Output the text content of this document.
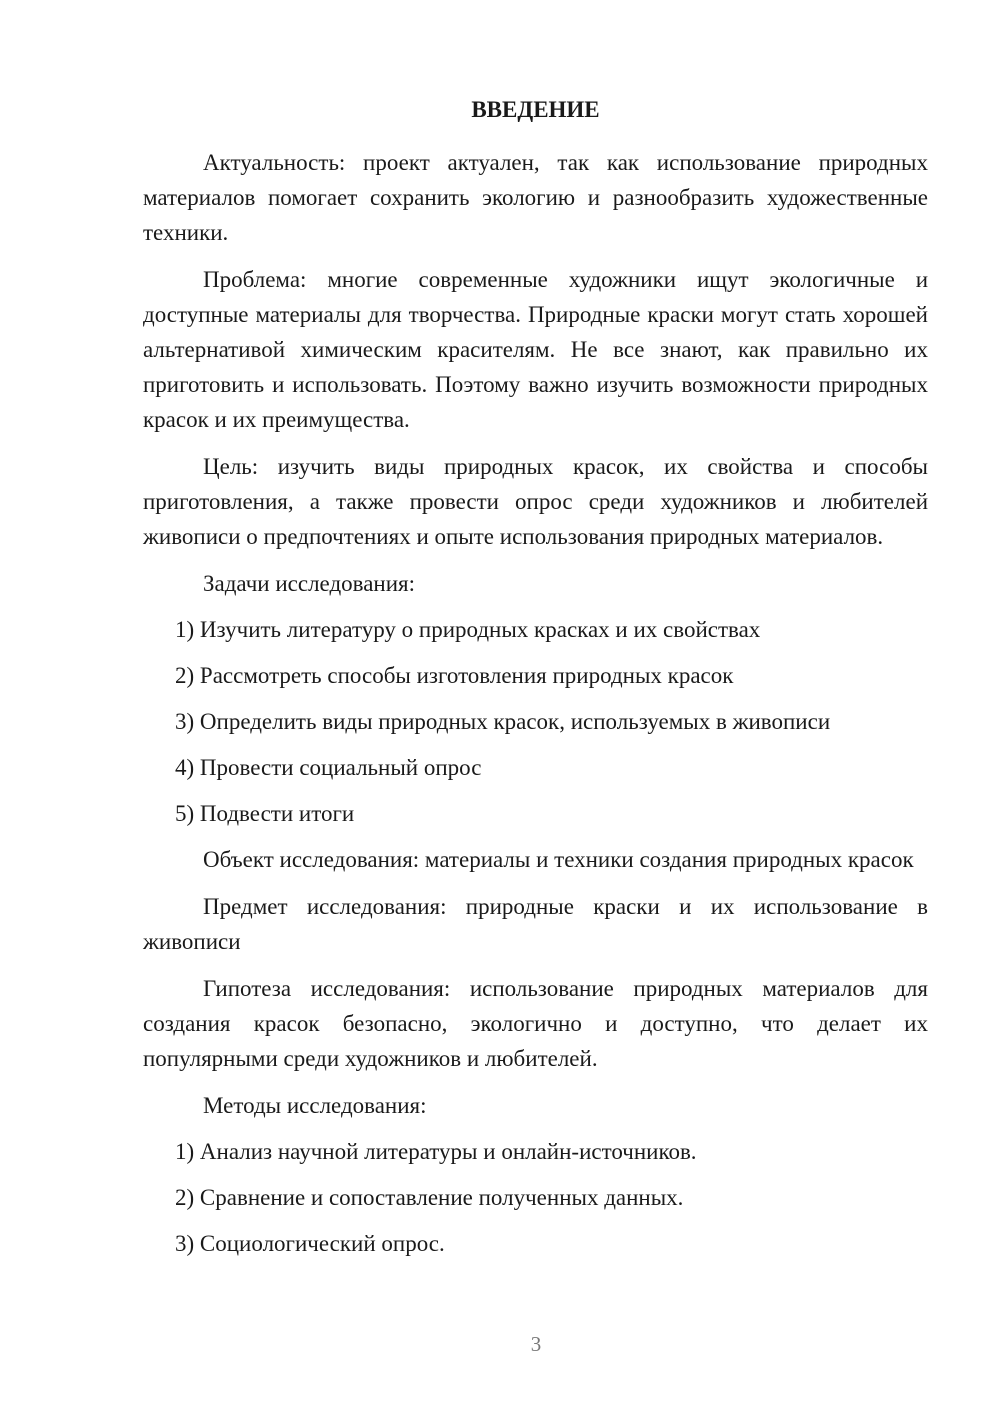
ВВЕДЕНИЕ

Актуальность: проект актуален, так как использование природных материалов помогает сохранить экологию и разнообразить художественные техники.

Проблема: многие современные художники ищут экологичные и доступные материалы для творчества. Природные краски могут стать хорошей альтернативой химическим красителям. Не все знают, как правильно их приготовить и использовать. Поэтому важно изучить возможности природных красок и их преимущества.

Цель: изучить виды природных красок, их свойства и способы приготовления, а также провести опрос среди художников и любителей живописи о предпочтениях и опыте использования природных материалов.

Задачи исследования:

1) Изучить литературу о природных красках и их свойствах

2) Рассмотреть способы изготовления природных красок

3) Определить виды природных красок, используемых в живописи

4) Провести социальный опрос

5) Подвести итоги

Объект исследования: материалы и техники создания природных красок

Предмет исследования: природные краски и их использование в живописи

Гипотеза исследования: использование природных материалов для создания красок безопасно, экологично и доступно, что делает их популярными среди художников и любителей.

Методы исследования:

1) Анализ научной литературы и онлайн-источников.

2) Сравнение и сопоставление полученных данных.

3) Социологический опрос.

3
